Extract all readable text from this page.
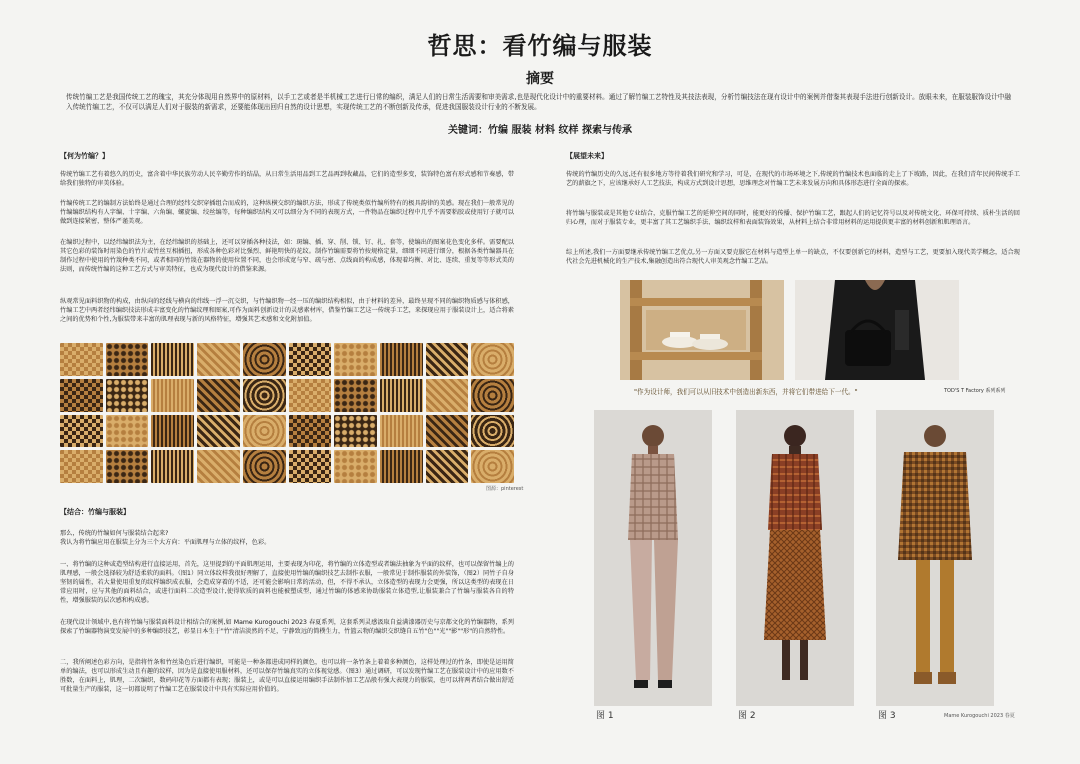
哲思：看竹编与服装
摘要
传统竹编工艺是我国传统工艺的瑰宝，其充分体现用自然界中的原材料，以手工艺或者是半机械工艺进行日常的编织，满足人们的日常生活需要和审美需求,也是现代化设计中的重要材料。通过了解竹编工艺特性及其技法表现，分析竹编技法在现有设计中的案例并借鉴其表现手法进行创新设计。放眼未来，在服装服饰设计中融入传统竹编工艺，不仅可以满足人们对于服装的新需求，还要能体现出回归自然的设计思想，实现传统工艺的不断创新及传承，促进我国服装设计行业的不断发展。
关键词：竹编 服装 材料 纹样 探索与传承
【何为竹编？】
传统竹编工艺有着悠久的历史，富含着中华民族劳动人民辛勤劳作的结晶，从日常生活用品到工艺品再到收藏品，它们的造型多变，装饰特色富有形式感和节奏感，带给我们独特的审美体验。
竹编传统工艺的编制方法始终是通过合理的经纬交织穿插组合而成的，这种纵横交织的编织方法，形成了传统类似竹编所特有的极具韵律的美感。现在我们一般常见的竹编编织结构有人字编、十字编、六角编、螺旋编、绞丝编等，每种编织结构又可以细分为不同的表现方式，一件物品在编织过程中几乎不需要粘胶或使用钉子就可以做到连接紧密，整体严谨美观。
在编织过程中，以经纬编织法为主，在经纬编织的基础上，还可以穿插各种技法，如：斑编、插、穿、削、锁、钉、扎、套等，使编出的图案花色变化多样。需要配以其它色彩的装饰时用染色的竹片或竹丝互相插扭，形成各种色彩对比强烈、鲜艳明快的花纹。制作竹编需要将竹按规格定量，细细不同进行细分，根据各类竹编器具在制作过程中使用的竹篾种类不同，或者相同的竹篾在器物的使用位置不同，也会形成宽与窄、疏与密、点线面的构成感，体现着均衡、对比、连续、重复等等形式美的法则，而传统竹编的这种工艺方式与审美特征，也成为现代设计的借鉴来源。
纵观常见面料织物的构成，由纵向的经线与横向的纬线一浮一沉交织，与竹编织物一经一压的编织结构相似，由于材料的差异，最终呈现不同的编织物质感与体积感，竹编工艺中两者经纬编织技法形成丰富变化的竹编纹理和图案,可作为面料创新设计的灵感素材库，借鉴竹编工艺这一传统手工艺，来探现应用于服装设计上，适合将素之间的优势和个性,为服装带来丰富的肌理表现与新的风格特征，增强其艺术感和文化附加值。
图源：pinterest
【结合：竹编与服装】
那么，传统的竹编如何与服装结合起来?
我认为将竹编应用在服装上分为三个大方向：平面肌理与立体的纹样，色彩。
一、将竹编的这种或造型结构进行直接运用，首先，这里提到的平面肌理运用，主要表现为印花，将竹编的立体造型或者编法抽象为平面的纹样，也可以保留竹编上的肌理感，一般会选择较为舒适柔软的面料。（图1）同立体纹样我很好理解了，直接使用竹编的编织技艺去制作衣服，一般常见于制作服装的外装饰，（图2）同竹子自身坚韧的属性，若大量使用重复的纹样编织成衣服，会造成穿着的不适，还可能会影响日常的活动，但，不得不承认，立体造型的表现力会更强，所以这类型的表现在日常应用时，应与其他的面料结合，或进行面料二次造型设计,使得软质的面料也能被塑成型，通过竹编的体感来协助服装立体造型,让服装兼合了竹编与服装各自的特性，增强服装的层次感和构成感。
在现代设计领域中,也有将竹编与服装面料设计相结合的案例,如 Mame Kurogouchi 2023 春夏系列，这套系列灵感汲取自益满漆器历史与京都文化的竹编器物，系列探索了竹编器物演变发展中的多种编织技艺，彰显日本生于"竹"清洁淡然的不足，宁静致远的简樸生力，竹篮云物的编织交织缝自五竹"色""光""影""形"的自然特性。
二，我所阐述色彩方向，是指将竹条和竹丝染色后进行编织，可能是一种条都进成同样的颜色，也可以将一条竹条上着着多种颜色，这样处理过的竹条，即使是运用简单的编法，也可以形成生动且有趣的纹样，因为是直接使用服材料，还可以保存竹编真实的立体视觉感。（图3）通过调研，可以发现竹编工艺在服装设计中的应用数不胜数，在面料上，肌理，二次编织，数码印花等方面都有表现；服装上，或是可以直接运用编织手法制作加工艺品般有强大表现力的服装，也可以将两者结合做出舒适可批量生产的服装，这一切都说明了竹编工艺在服装设计中具有实际应用价值的。
【展望未来】
传统的竹编历史的久远,还有很多地方等待着我们研究和学习，可是，在现代的市场环境之下,传统的竹编技术也面临的走上了下坡路，因此，在我们青年民间传统手工艺的薪旗之下，应该继承好人工艺技法，构成方式到设计思想，思维理念对竹编工艺未来发展方向和具体形态进行全面的探索。
将竹编与服装或是其他专业结合，克服竹编工艺的延伸空间的同时，能更好的传播、保护竹编工艺，跟起人们的记忆符号以及对传统文化、环保可持续、质朴生活的回归心理，而对于服装专业，更丰富了其工艺编织手法、编织纹样和表面装饰效果，从材料上结合非常用材料的运用提供更丰富的材料创新和肌理语言。
综上所述,我们一方面要继承传统竹编工艺优点,另一方面又要克服它在材料与造型上单一的缺点，不仅要创新它的材料，造型与工艺，更要加入现代美学概念，适合现代社会先进机械化的生产技术,集融创造出符合现代人审美观念竹编工艺品。
"作为设计师，我们可以从旧技术中创造出新东西，并将它们带进给下一代。"	TOD'S T Factory 系列系列
图 1	图 2	图 3	Mame Kurogouchi 2023 春夏
